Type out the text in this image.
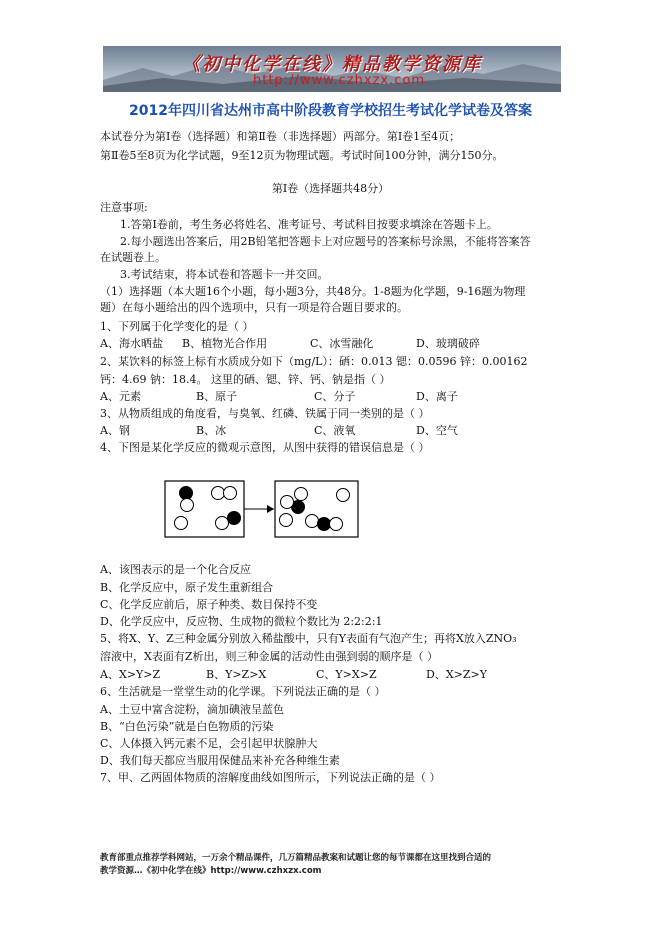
《初中化学在线》精品教学资源库
http://www.czhxzx.com
2012年四川省达州市高中阶段教育学校招生考试化学试卷及答案
本试卷分为第Ⅰ卷（选择题）和第Ⅱ卷（非选择题）两部分。第Ⅰ卷1至4页；
第Ⅱ卷5至8页为化学试题，9至12页为物理试题。考试时间100分钟，满分150分。
第Ⅰ卷（选择题共48分）
注意事项:
1.答第Ⅰ卷前，考生务必将姓名、准考证号、考试科目按要求填涂在答题卡上。
2.每小题选出答案后，用2B铅笔把答题卡上对应题号的答案标号涂黑，不能将答案答
在试题卷上。
3.考试结束，将本试卷和答题卡一并交回。
（1）选择题（本大题16个小题，每小题3分，共48分。1-8题为化学题，9-16题为物理
题）在每小题给出的四个选项中，只有一项是符合题目要求的。
1、下列属于化学变化的是（ ）
A、海水晒盐 B、植物光合作用	C、冰雪融化	D、玻璃破碎
2、某饮料的标签上标有水质成分如下（mg/L）：硒：0.013 锶：0.0596 锌：0.00162
钙：4.69 钠：18.4。 这里的硒、锶、锌、钙、钠是指（ ）
A、元素	B、原子	C、分子	D、离子
3、从物质组成的角度看，与臭氧、红磷、铁属于同一类别的是（ ）
A、钢	B、冰	C、液氧	D、空气
4、下图是某化学反应的微观示意图，从图中获得的错误信息是（ ）
A、该图表示的是一个化合反应
B、化学反应中，原子发生重新组合
C、化学反应前后，原子种类、数目保持不变
D、化学反应中，反应物、生成物的微粒个数比为 2:2:2:1
5、将X、Y、Z三种金属分别放入稀盐酸中，只有Y表面有气泡产生；再将X放入ZNO₃
溶液中，X表面有Z析出，则三种金属的活动性由强到弱的顺序是（ ）
A、X>Y>Z	B、Y>Z>X	C、Y>X>Z	D、X>Z>Y
6、生活就是一堂堂生动的化学课。下列说法正确的是（ ）
A、土豆中富含淀粉，滴加碘液呈蓝色
B、“白色污染”就是白色物质的污染
C、人体摄入钙元素不足，会引起甲状腺肿大
D、我们每天都应当服用保健品来补充各种维生素
7、甲、乙两固体物质的溶解度曲线如图所示，下列说法正确的是（ ）
教育部重点推荐学科网站，一万余个精品课件，几万篇精品教案和试题让您的每节课都在这里找到合适的
教学资源…《初中化学在线》http://www.czhxzx.com
